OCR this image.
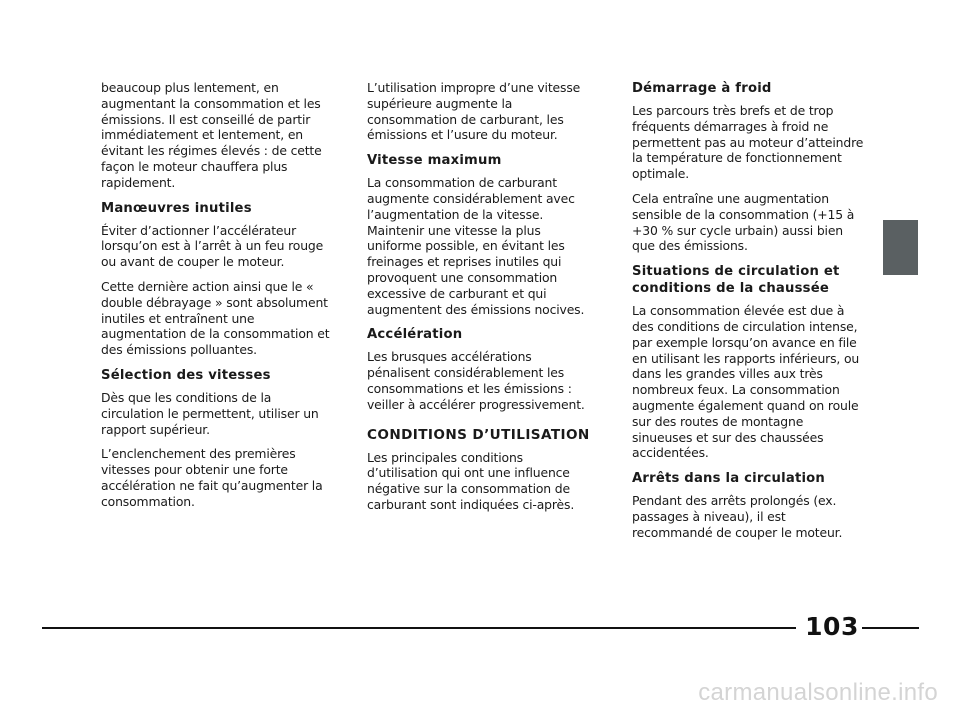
beaucoup plus lentement, en augmentant la consommation et les émissions. Il est conseillé de partir immédiatement et lentement, en évitant les régimes élevés : de cette façon le moteur chauffera plus rapidement.

Manœuvres inutiles

Éviter d’actionner l’accélérateur lorsqu’on est à l’arrêt à un feu rouge ou avant de couper le moteur.

Cette dernière action ainsi que le « double débrayage » sont absolument inutiles et entraînent une augmentation de la consommation et des émissions polluantes.

Sélection des vitesses

Dès que les conditions de la circulation le permettent, utiliser un rapport supérieur.

L’enclenchement des premières vitesses pour obtenir une forte accélération ne fait qu’augmenter la consommation.

L’utilisation impropre d’une vitesse supérieure augmente la consommation de carburant, les émissions et l’usure du moteur.

Vitesse maximum

La consommation de carburant augmente considérablement avec l’augmentation de la vitesse. Maintenir une vitesse la plus uniforme possible, en évitant les freinages et reprises inutiles qui provoquent une consommation excessive de carburant et qui augmentent des émissions nocives.

Accélération

Les brusques accélérations pénalisent considérablement les consommations et les émissions : veiller à accélérer progressivement.

CONDITIONS D’UTILISATION

Les principales conditions d’utilisation qui ont une influence négative sur la consommation de carburant sont indiquées ci-après.

Démarrage à froid

Les parcours très brefs et de trop fréquents démarrages à froid ne permettent pas au moteur d’atteindre la température de fonctionnement optimale.

Cela entraîne une augmentation sensible de la consommation (+15 à +30 % sur cycle urbain) aussi bien que des émissions.

Situations de circulation et conditions de la chaussée

La consommation élevée est due à des conditions de circulation intense, par exemple lorsqu’on avance en file en utilisant les rapports inférieurs, ou dans les grandes villes aux très nombreux feux. La consommation augmente également quand on roule sur des routes de montagne sinueuses et sur des chaussées accidentées.

Arrêts dans la circulation

Pendant des arrêts prolongés (ex. passages à niveau), il est recommandé de couper le moteur.

103
carmanualsonline.info
